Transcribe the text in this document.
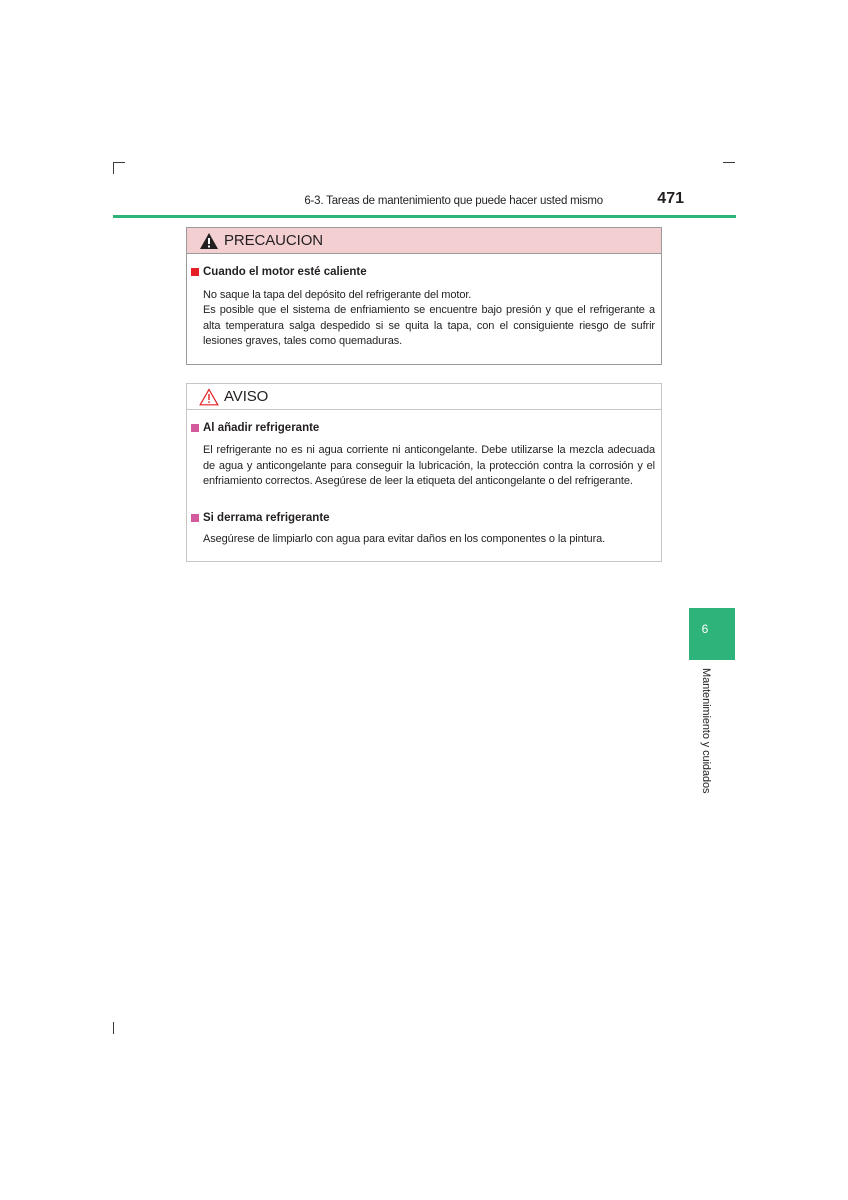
6-3. Tareas de mantenimiento que puede hacer usted mismo	471
PRECAUCION
Cuando el motor esté caliente
No saque la tapa del depósito del refrigerante del motor.
Es posible que el sistema de enfriamiento se encuentre bajo presión y que el refrigerante a alta temperatura salga despedido si se quita la tapa, con el consiguiente riesgo de sufrir lesiones graves, tales como quemaduras.
AVISO
Al añadir refrigerante
El refrigerante no es ni agua corriente ni anticongelante. Debe utilizarse la mezcla adecuada de agua y anticongelante para conseguir la lubricación, la protección contra la corrosión y el enfriamiento correctos. Asegúrese de leer la etiqueta del anticongelante o del refrigerante.
Si derrama refrigerante
Asegúrese de limpiarlo con agua para evitar daños en los componentes o la pintura.
6
Mantenimiento y cuidados
